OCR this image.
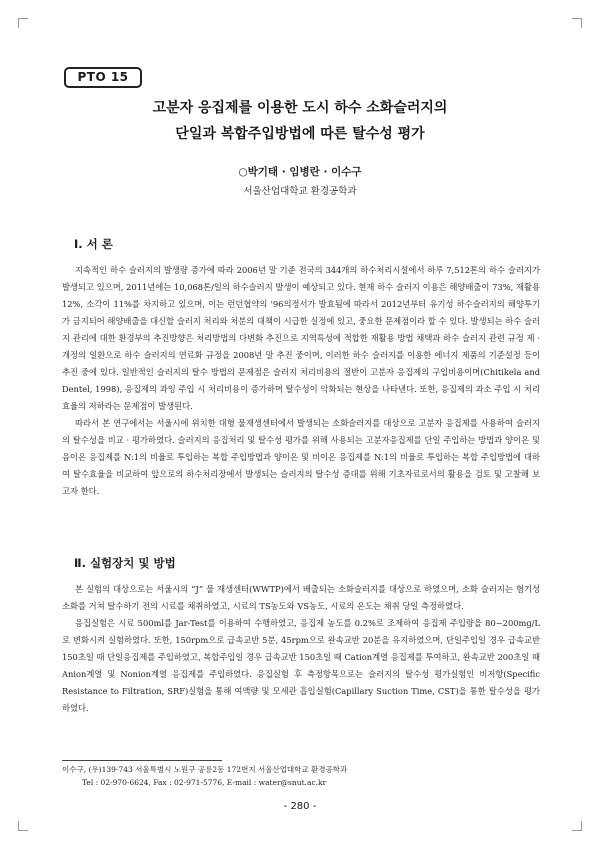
PTO 15
고분자 응집제를 이용한 도시 하수 소화슬러지의
단일과 복합주입방법에 따른 탈수성 평가
○박기태 · 임병란 · 이수구
서울산업대학교 환경공학과
Ⅰ. 서 론

지속적인 하수 슬러지의 발생량 증가에 따라 2006년 말 기준 전국의 344개의 하수처리시설에서 하루 7,512톤의 하수 슬러지가 발생되고 있으며, 2011년에는 10,068톤/일의 하수슬러지 발생이 예상되고 있다. 현재 하수 슬러지 이용은 해양배출이 73%, 재활용 12%, 소각이 11%를 차지하고 있으며, 이는 런던협약의 '96의정서가 발효됨에 따라서 2012년부터 유기성 하수슬러지의 해양투기가 금지되어 해양배출을 대신할 슬러지 처리와 처분의 대책이 시급한 실정에 있고, 중요한 문제점이라 할 수 있다. 발생되는 하수 슬러지 관리에 대한 환경부의 추진방향은 처리방법의 다변화 추진으로 지역특성에 적합한 재활용 방법 채택과 하수 슬러지 관련 규정 제 · 개정의 일환으로 하수 슬러지의 연료화 규정을 2008년 말 추진 중이며, 이러한 하수 슬러지를 이용한 에너지 제품의 기준설정 등이 추진 중에 있다. 일반적인 슬러지의 탈수 방법의 문제점은 슬러지 처리비용의 절반이 고분자 응집제의 구입비용이며(Chitikela and Dentel, 1998), 응집제의 과잉 주입 시 처리비용이 증가하며 탈수성이 악화되는 현상을 나타낸다. 또한, 응집제의 과소 주입 시 처리효율의 저하라는 문제점이 발생된다.

따라서 본 연구에서는 서울시에 위치한 대형 물재생센터에서 발생되는 소화슬러지를 대상으로 고분자 응집제를 사용하여 슬러지의 탈수성을 비교 · 평가하였다. 슬러지의 응집처리 및 탈수성 평가를 위해 사용되는 고분자응집제를 단일 주입하는 방법과 양이온 및 음이온 응집제를 N:1의 비율로 투입하는 복합 주입방법과 양이온 및 비이온 응집제를 N:1의 비율로 투입하는 복합 주입방법에 대하여 탈수효율을 비교하여 앞으로의 하수처리장에서 발생되는 슬러지의 탈수성 증대를 위해 기초자료로서의 활용을 검토 및 고찰해 보고자 한다.

Ⅱ. 실험장치 및 방법

본 실험의 대상으로는 서울시의 “J” 물 재생센터(WWTP)에서 배출되는 소화슬러지를 대상으로 하였으며, 소화 슬러지는 혐기성 소화를 거쳐 탈수하기 전의 시료를 채취하였고, 시료의 TS농도와 VS농도, 시료의 온도는 채취 당일 측정하였다.

응집실험은 시료 500ml를 Jar-Test를 이용하여 수행하였고, 응집제 농도를 0.2%로 조제하여 응집제 주입량을 80~200mg/L로 변화시켜 실험하였다. 또한, 150rpm으로 급속교반 5분, 45rpm으로 완속교반 20분을 유지하였으며, 단일주입일 경우 급속교반 150초일 때 단일응집제를 주입하였고, 복합주입일 경우 급속교반 150초일 때 Cation계열 응집제를 투여하고, 완속교반 200초일 때 Anion계열 및 Nonion계열 응집제를 주입하였다. 응집실험 후 측정항목으로는 슬러지의 탈수성 평가실험인 비저항(Specific Resistance to Filtration, SRF)실험을 통해 여액량 및 모세관 흡입실험(Capillary Suction Time, CST)을 통한 탈수성을 평가하였다.

이수구, (우)139-743 서울특별시 노원구 공릉2동 172번지 서울산업대학교 환경공학과
Tel : 02-970-6624, Fax : 02-971-5776, E-mail : water@snut.ac.kr
- 280 -
